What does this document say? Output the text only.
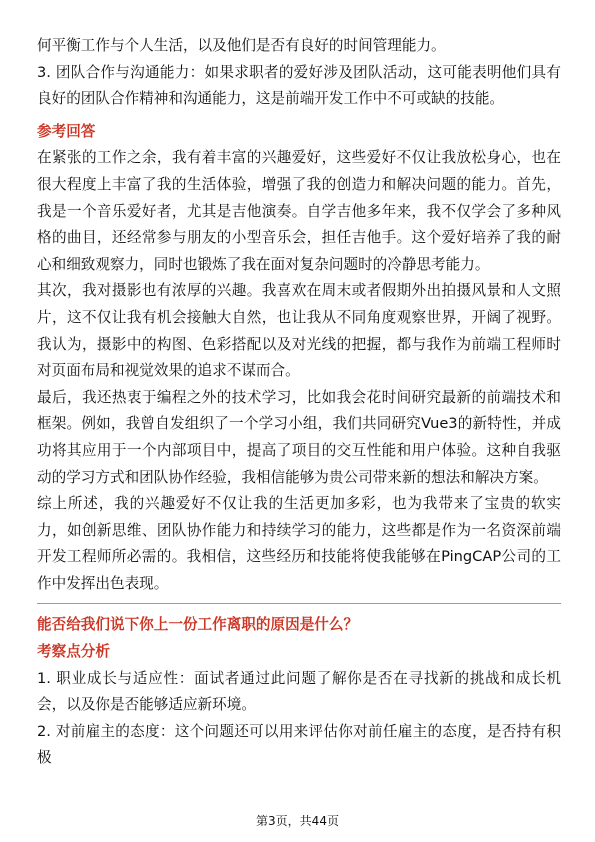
何平衡工作与个人生活，以及他们是否有良好的时间管理能力。

3. 团队合作与沟通能力：如果求职者的爱好涉及团队活动，这可能表明他们具有良好的团队合作精神和沟通能力，这是前端开发工作中不可或缺的技能。

参考回答

在紧张的工作之余，我有着丰富的兴趣爱好，这些爱好不仅让我放松身心，也在很大程度上丰富了我的生活体验，增强了我的创造力和解决问题的能力。首先，我是一个音乐爱好者，尤其是吉他演奏。自学吉他多年来，我不仅学会了多种风格的曲目，还经常参与朋友的小型音乐会，担任吉他手。这个爱好培养了我的耐心和细致观察力，同时也锻炼了我在面对复杂问题时的冷静思考能力。

其次，我对摄影也有浓厚的兴趣。我喜欢在周末或者假期外出拍摄风景和人文照片，这不仅让我有机会接触大自然，也让我从不同角度观察世界，开阔了视野。我认为，摄影中的构图、色彩搭配以及对光线的把握，都与我作为前端工程师时对页面布局和视觉效果的追求不谋而合。

最后，我还热衷于编程之外的技术学习，比如我会花时间研究最新的前端技术和框架。例如，我曾自发组织了一个学习小组，我们共同研究Vue3的新特性，并成功将其应用于一个内部项目中，提高了项目的交互性能和用户体验。这种自我驱动的学习方式和团队协作经验，我相信能够为贵公司带来新的想法和解决方案。

综上所述，我的兴趣爱好不仅让我的生活更加多彩，也为我带来了宝贵的软实力，如创新思维、团队协作能力和持续学习的能力，这些都是作为一名资深前端开发工程师所必需的。我相信，这些经历和技能将使我能够在PingCAP公司的工作中发挥出色表现。

能否给我们说下你上一份工作离职的原因是什么？

考察点分析

1. 职业成长与适应性：面试者通过此问题了解你是否在寻找新的挑战和成长机会，以及你是否能够适应新环境。

2. 对前雇主的态度：这个问题还可以用来评估你对前任雇主的态度，是否持有积极

第3页，共44页
